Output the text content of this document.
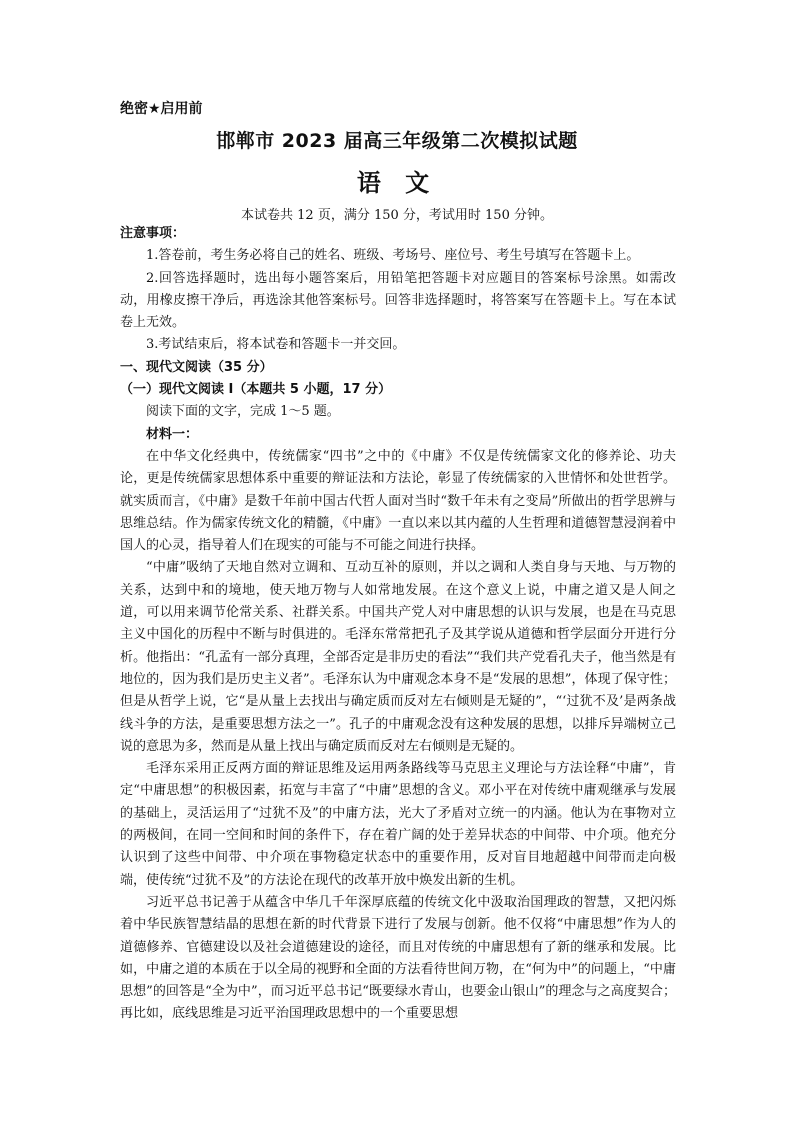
绝密★启用前
邯郸市 2023 届高三年级第二次模拟试题
语 文
本试卷共 12 页，满分 150 分，考试用时 150 分钟。
注意事项：

1.答卷前，考生务必将自己的姓名、班级、考场号、座位号、考生号填写在答题卡上。

2.回答选择题时，选出每小题答案后，用铅笔把答题卡对应题目的答案标号涂黑。如需改动，用橡皮擦干净后，再选涂其他答案标号。回答非选择题时，将答案写在答题卡上。写在本试卷上无效。

3.考试结束后，将本试卷和答题卡一并交回。

一、现代文阅读（35 分）
（一）现代文阅读 I（本题共 5 小题，17 分）

阅读下面的文字，完成 1～5 题。

材料一：

在中华文化经典中，传统儒家“四书”之中的《中庸》不仅是传统儒家文化的修养论、功夫论，更是传统儒家思想体系中重要的辩证法和方法论，彰显了传统儒家的入世情怀和处世哲学。就实质而言，《中庸》是数千年前中国古代哲人面对当时“数千年未有之变局”所做出的哲学思辨与思维总结。作为儒家传统文化的精髓，《中庸》一直以来以其内蕴的人生哲理和道德智慧浸润着中国人的心灵，指导着人们在现实的可能与不可能之间进行抉择。

“中庸”吸纳了天地自然对立调和、互动互补的原则，并以之调和人类自身与天地、与万物的关系，达到中和的境地，使天地万物与人如常地发展。在这个意义上说，中庸之道又是人间之道，可以用来调节伦常关系、社群关系。中国共产党人对中庸思想的认识与发展，也是在马克思主义中国化的历程中不断与时俱进的。毛泽东常常把孔子及其学说从道德和哲学层面分开进行分析。他指出：“孔孟有一部分真理，全部否定是非历史的看法”“我们共产党看孔夫子，他当然是有地位的，因为我们是历史主义者”。毛泽东认为中庸观念本身不是“发展的思想”，体现了保守性；但是从哲学上说，它“是从量上去找出与确定质而反对左右倾则是无疑的”，“‘过犹不及’是两条战线斗争的方法，是重要思想方法之一”。孔子的中庸观念没有这种发展的思想，以排斥异端树立己说的意思为多，然而是从量上找出与确定质而反对左右倾则是无疑的。

毛泽东采用正反两方面的辩证思维及运用两条路线等马克思主义理论与方法诠释“中庸”，肯定“中庸思想”的积极因素，拓宽与丰富了“中庸”思想的含义。邓小平在对传统中庸观继承与发展的基础上，灵活运用了“过犹不及”的中庸方法，光大了矛盾对立统一的内涵。他认为在事物对立的两极间，在同一空间和时间的条件下，存在着广阔的处于差异状态的中间带、中介项。他充分认识到了这些中间带、中介项在事物稳定状态中的重要作用，反对盲目地超越中间带而走向极端，使传统“过犹不及”的方法论在现代的改革开放中焕发出新的生机。

习近平总书记善于从蕴含中华几千年深厚底蕴的传统文化中汲取治国理政的智慧，又把闪烁着中华民族智慧结晶的思想在新的时代背景下进行了发展与创新。他不仅将“中庸思想”作为人的道德修养、官德建设以及社会道德建设的途径，而且对传统的中庸思想有了新的继承和发展。比如，中庸之道的本质在于以全局的视野和全面的方法看待世间万物，在“何为中”的问题上，“中庸思想”的回答是“全为中”，而习近平总书记“既要绿水青山，也要金山银山”的理念与之高度契合；再比如，底线思维是习近平治国理政思想中的一个重要思想
